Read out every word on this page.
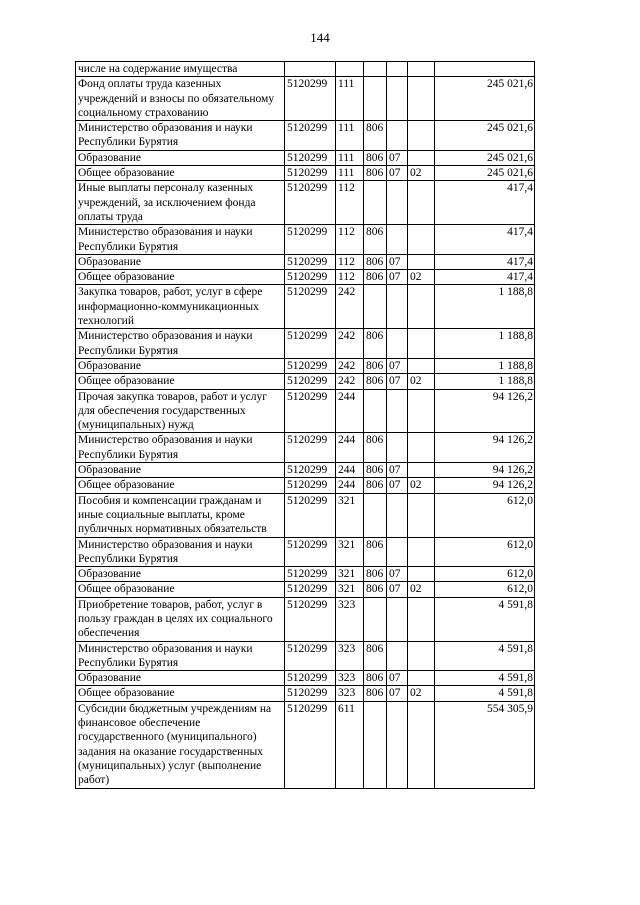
144
числе на содержание имущества						
Фонд оплаты труда казенных учреждений и взносы по обязательному социальному страхованию	5120299	111				245 021,6
Министерство образования и науки Республики Бурятия	5120299	111	806			245 021,6
Образование	5120299	111	806	07		245 021,6
Общее образование	5120299	111	806	07	02	245 021,6
Иные выплаты персоналу казенных учреждений, за исключением фонда оплаты труда	5120299	112				417,4
Министерство образования и науки Республики Бурятия	5120299	112	806			417,4
Образование	5120299	112	806	07		417,4
Общее образование	5120299	112	806	07	02	417,4
Закупка товаров, работ, услуг в сфере информационно-коммуникационных технологий	5120299	242				1 188,8
Министерство образования и науки Республики Бурятия	5120299	242	806			1 188,8
Образование	5120299	242	806	07		1 188,8
Общее образование	5120299	242	806	07	02	1 188,8
Прочая закупка товаров, работ и услуг для обеспечения государственных (муниципальных) нужд	5120299	244				94 126,2
Министерство образования и науки Республики Бурятия	5120299	244	806			94 126,2
Образование	5120299	244	806	07		94 126,2
Общее образование	5120299	244	806	07	02	94 126,2
Пособия и компенсации гражданам и иные социальные выплаты, кроме публичных нормативных обязательств	5120299	321				612,0
Министерство образования и науки Республики Бурятия	5120299	321	806			612,0
Образование	5120299	321	806	07		612,0
Общее образование	5120299	321	806	07	02	612,0
Приобретение товаров, работ, услуг в пользу граждан в целях их социального обеспечения	5120299	323				4 591,8
Министерство образования и науки Республики Бурятия	5120299	323	806			4 591,8
Образование	5120299	323	806	07		4 591,8
Общее образование	5120299	323	806	07	02	4 591,8
Субсидии бюджетным учреждениям на финансовое обеспечение государственного (муниципального) задания на оказание государственных (муниципальных) услуг (выполнение работ)	5120299	611				554 305,9
